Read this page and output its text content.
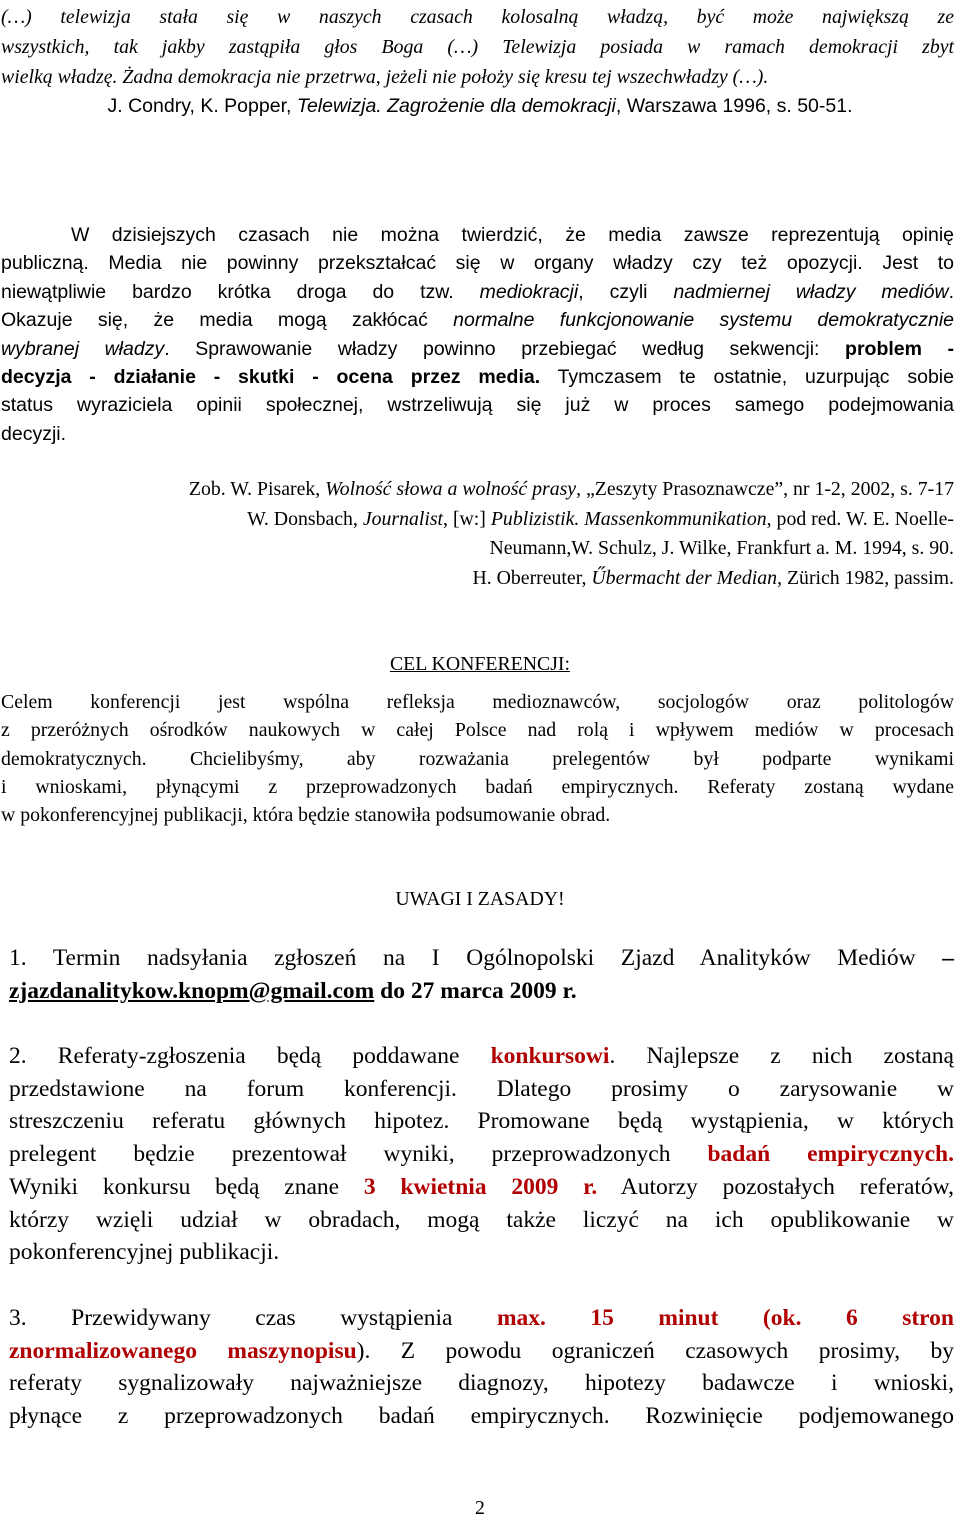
(…) telewizja stała się w naszych czasach kolosalną władzą, być może największą ze
wszystkich, tak jakby zastąpiła głos Boga (…) Telewizja posiada w ramach demokracji zbyt
wielką władzę. Żadna demokracja nie przetrwa, jeżeli nie położy się kresu tej wszechwładzy (…).
J. Condry, K. Popper, Telewizja. Zagrożenie dla demokracji, Warszawa 1996, s. 50-51.
W dzisiejszych czasach nie można twierdzić, że media zawsze reprezentują opinię
publiczną. Media nie powinny przekształcać się w organy władzy czy też opozycji. Jest to
niewątpliwie bardzo krótka droga do tzw. mediokracji, czyli nadmiernej władzy mediów.
Okazuje się, że media mogą zakłócać normalne funkcjonowanie systemu demokratycznie
wybranej władzy. Sprawowanie władzy powinno przebiegać według sekwencji: problem -
decyzja - działanie - skutki - ocena przez media. Tymczasem te ostatnie, uzurpując sobie
status wyraziciela opinii społecznej, wstrzeliwują się już w proces samego podejmowania
decyzji.
Zob. W. Pisarek, Wolność słowa a wolność prasy, „Zeszyty Prasoznawcze”, nr 1-2, 2002, s. 7-17
W. Donsbach, Journalist, [w:] Publizistik. Massenkommunikation, pod red. W. E. Noelle-
Neumann,W. Schulz, J. Wilke, Frankfurt a. M. 1994, s. 90.
H. Oberreuter, Űbermacht der Median, Zürich 1982, passim.
CEL KONFERENCJI:
Celem konferencji jest wspólna refleksja medioznawców, socjologów oraz politologów
z przeróżnych ośrodków naukowych w całej Polsce nad rolą i wpływem mediów w procesach
demokratycznych. Chcielibyśmy, aby rozważania prelegentów był podparte wynikami
i wnioskami, płynącymi z przeprowadzonych badań empirycznych. Referaty zostaną wydane
w pokonferencyjnej publikacji, która będzie stanowiła podsumowanie obrad.
UWAGI I ZASADY!
1. Termin nadsyłania zgłoszeń na I Ogólnopolski Zjazd Analityków Mediów –
zjazdanalitykow.knopm@gmail.com do 27 marca 2009 r.
2. Referaty-zgłoszenia będą poddawane konkursowi. Najlepsze z nich zostaną
przedstawione na forum konferencji. Dlatego prosimy o zarysowanie w
streszczeniu referatu głównych hipotez. Promowane będą wystąpienia, w których
prelegent będzie prezentował wyniki, przeprowadzonych badań empirycznych.
Wyniki konkursu będą znane 3 kwietnia 2009 r. Autorzy pozostałych referatów,
którzy wzięli udział w obradach, mogą także liczyć na ich opublikowanie w
pokonferencyjnej publikacji.
3. Przewidywany czas wystąpienia max. 15 minut (ok. 6 stron
znormalizowanego maszynopisu). Z powodu ograniczeń czasowych prosimy, by
referaty sygnalizowały najważniejsze diagnozy, hipotezy badawcze i wnioski,
płynące z przeprowadzonych badań empirycznych. Rozwinięcie podjemowanego
2
